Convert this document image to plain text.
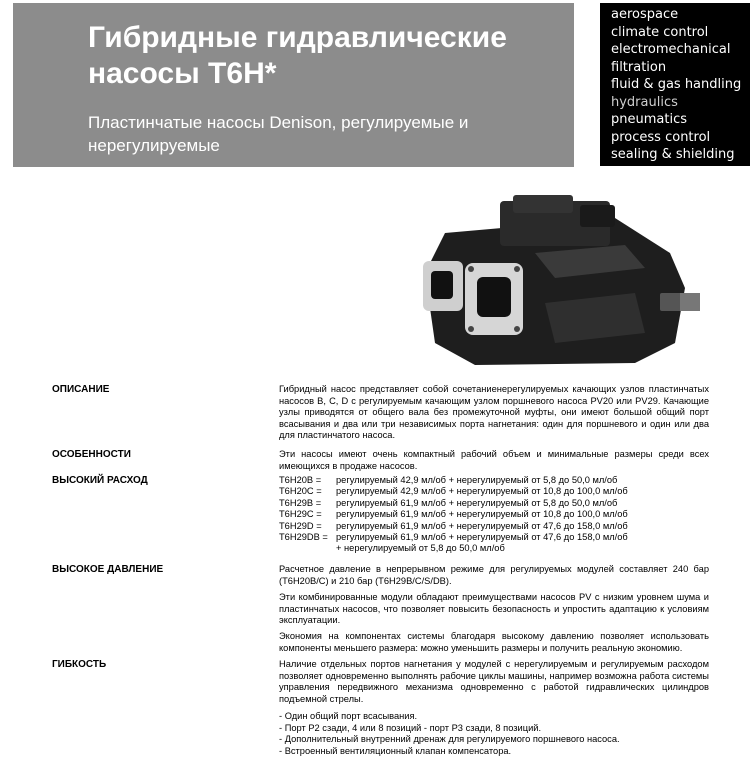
Гибридные гидравлические
насосы T6H*

Пластинчатые насосы Denison, регулируемые и
нерегулируемые

aerospace
climate control
electromechanical
filtration
fluid & gas handling
hydraulics
pneumatics
process control
sealing & shielding
ОПИСАНИЕ	Гибридный насос представляет собой сочетаниенерегулируемых качающих узлов пластинчатых насосов B, C, D с регулируемым качающим узлом поршневого насоса PV20 или PV29. Качающие узлы приводятся от общего вала без промежуточной муфты, они имеют большой общий порт всасывания и два или три независимых порта нагнетания: один для поршневого и один или два для пластинчатого насоса.

ОСОБЕННОСТИ	Эти насосы имеют очень компактный рабочий объем и минимальные размеры среди всех имеющихся в продаже насосов.

ВЫСОКИЙ РАСХОД	T6H20B =	регулируемый 42,9 мл/об + нерегулируемый от 5,8 до 50,0 мл/об
T6H20C =	регулируемый 42,9 мл/об + нерегулируемый от 10,8 до 100,0 мл/об
T6H29B =	регулируемый 61,9 мл/об + нерегулируемый от 5,8 до 50,0 мл/об
T6H29C =	регулируемый 61,9 мл/об + нерегулируемый от 10,8 до 100,0 мл/об
T6H29D =	регулируемый 61,9 мл/об + нерегулируемый от 47,6 до 158,0 мл/об
T6H29DB = регулируемый 61,9 мл/об + нерегулируемый от 47,6 до 158,0 мл/об
+ нерегулируемый от 5,8 до 50,0 мл/об
ВЫСОКОЕ ДАВЛЕНИЕ	Расчетное давление в непрерывном режиме для регулируемых модулей составляет 240 бар (T6H20B/C) и 210 бар (T6H29B/C/S/DB).

Эти комбинированные модули обладают преимуществами насосов PV с низким уровнем шума и пластинчатых насосов, что позволяет повысить безопасность и упростить адаптацию к условиям эксплуатации.

Экономия на компонентах системы благодаря высокому давлению позволяет использовать компоненты меньшего размера: можно уменьшить размеры и получить реальную экономию.

ГИБКОСТЬ	Наличие отдельных портов нагнетания у модулей с нерегулируемым и регулируемым расходом позволяет одновременно выполнять рабочие циклы машины, например возможна работа системы управления передвижного механизма одновременно с работой гидравлических цилиндров подъемной стрелы.

- Один общий порт всасывания.
- Порт P2 сзади, 4 или 8 позиций - порт P3 сзади, 8 позиций.
- Дополнительный внутренний дренаж для регулируемого поршневого насоса.
- Встроенный вентиляционный клапан компенсатора.
